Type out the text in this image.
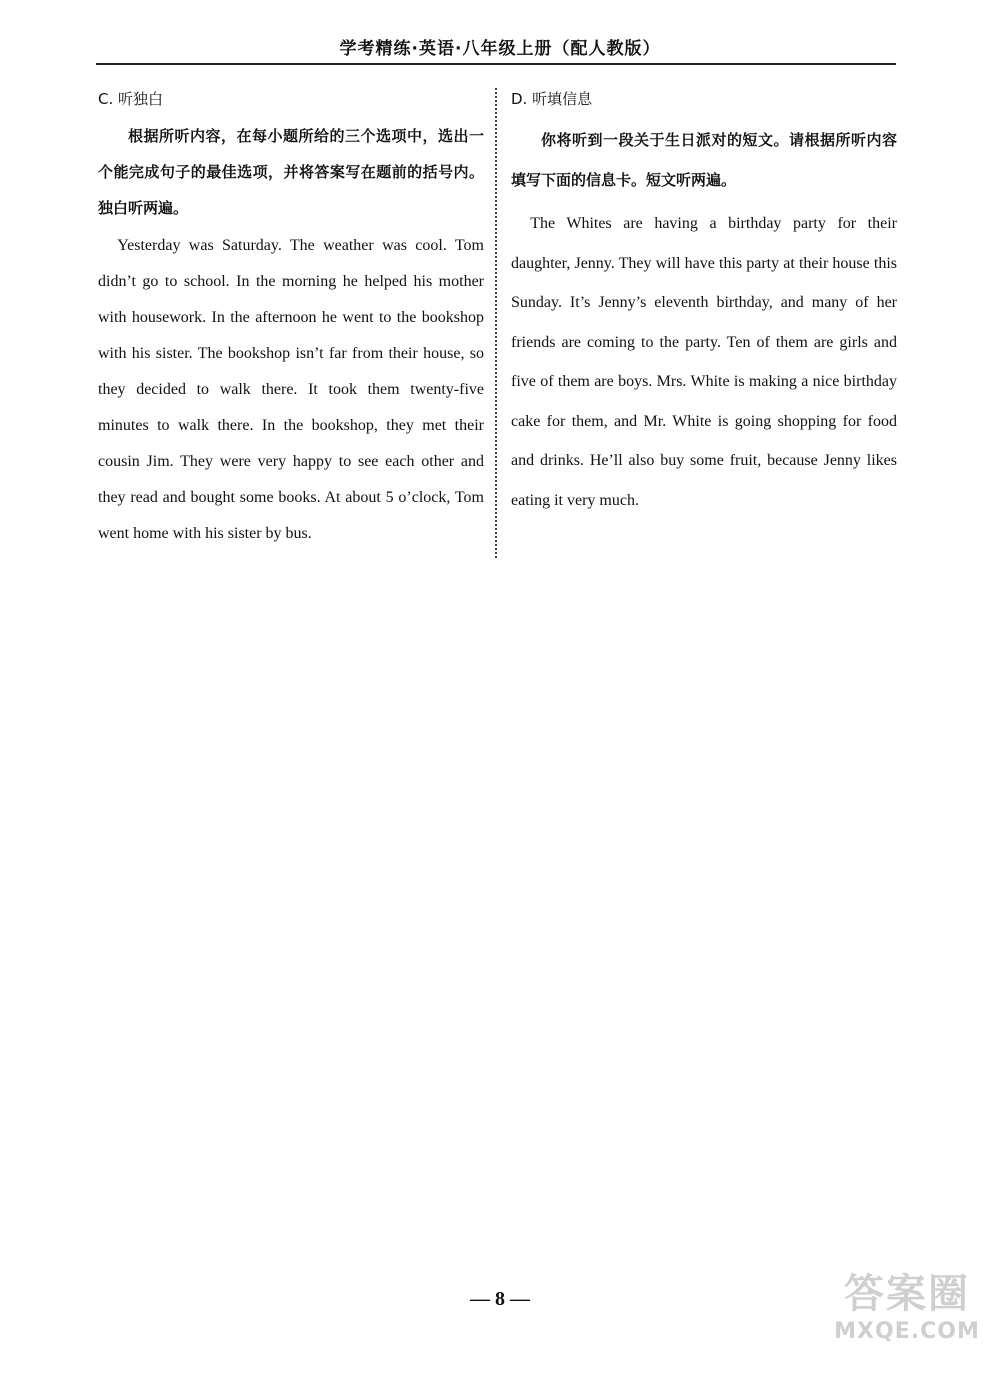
学考精练·英语·八年级上册（配人教版）

C. 听独白

根据所听内容，在每小题所给的三个选项中，选出一个能完成句子的最佳选项，并将答案写在题前的括号内。独白听两遍。

Yesterday was Saturday. The weather was cool. Tom didn’t go to school. In the morning he helped his mother with housework. In the afternoon he went to the bookshop with his sister. The bookshop isn’t far from their house, so they decided to walk there. It took them twenty-five minutes to walk there. In the bookshop, they met their cousin Jim. They were very happy to see each other and they read and bought some books. At about 5 o’clock, Tom went home with his sister by bus.

D. 听填信息

你将听到一段关于生日派对的短文。请根据所听内容填写下面的信息卡。短文听两遍。

The Whites are having a birthday party for their daughter, Jenny. They will have this party at their house this Sunday. It’s Jenny’s eleventh birthday, and many of her friends are coming to the party. Ten of them are girls and five of them are boys. Mrs. White is making a nice birthday cake for them, and Mr. White is going shopping for food and drinks. He’ll also buy some fruit, because Jenny likes eating it very much.

— 8 —	答案圈
MXQE.COM
